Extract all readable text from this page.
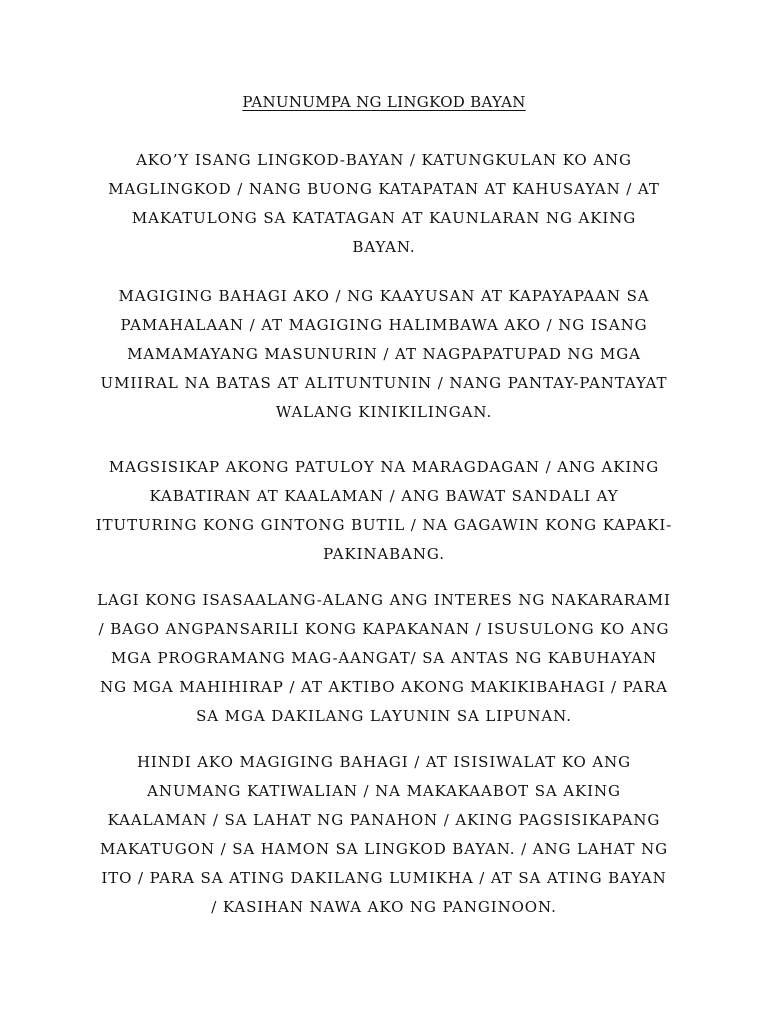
PANUNUMPA NG LINGKOD BAYAN
AKO’Y ISANG LINGKOD-BAYAN / KATUNGKULAN KO ANG
MAGLINGKOD / NANG BUONG KATAPATAN AT KAHUSAYAN / AT
MAKATULONG SA KATATAGAN AT KAUNLARAN NG AKING
BAYAN.
MAGIGING BAHAGI AKO / NG KAAYUSAN AT KAPAYAPAAN SA
PAMAHALAAN / AT MAGIGING HALIMBAWA AKO / NG ISANG
MAMAMAYANG MASUNURIN / AT NAGPAPATUPAD NG MGA
UMIIRAL NA BATAS AT ALITUNTUNIN / NANG PANTAY-PANTAYAT
WALANG KINIKILINGAN.
MAGSISIKAP AKONG PATULOY NA MARAGDAGAN / ANG AKING
KABATIRAN AT KAALAMAN / ANG BAWAT SANDALI AY
ITUTURING KONG GINTONG BUTIL / NA GAGAWIN KONG KAPAKI-
PAKINABANG.
LAGI KONG ISASAALANG-ALANG ANG INTERES NG NAKARARAMI
/ BAGO ANGPANSARILI KONG KAPAKANAN / ISUSULONG KO ANG
MGA PROGRAMANG MAG-AANGAT/ SA ANTAS NG KABUHAYAN
NG MGA MAHIHIRAP / AT AKTIBO AKONG MAKIKIBAHAGI / PARA
SA MGA DAKILANG LAYUNIN SA LIPUNAN.
HINDI AKO MAGIGING BAHAGI / AT ISISIWALAT KO ANG
ANUMANG KATIWALIAN / NA MAKAKAABOT SA AKING
KAALAMAN / SA LAHAT NG PANAHON / AKING PAGSISIKAPANG
MAKATUGON / SA HAMON SA LINGKOD BAYAN. / ANG LAHAT NG
ITO / PARA SA ATING DAKILANG LUMIKHA / AT SA ATING BAYAN
/ KASIHAN NAWA AKO NG PANGINOON.
